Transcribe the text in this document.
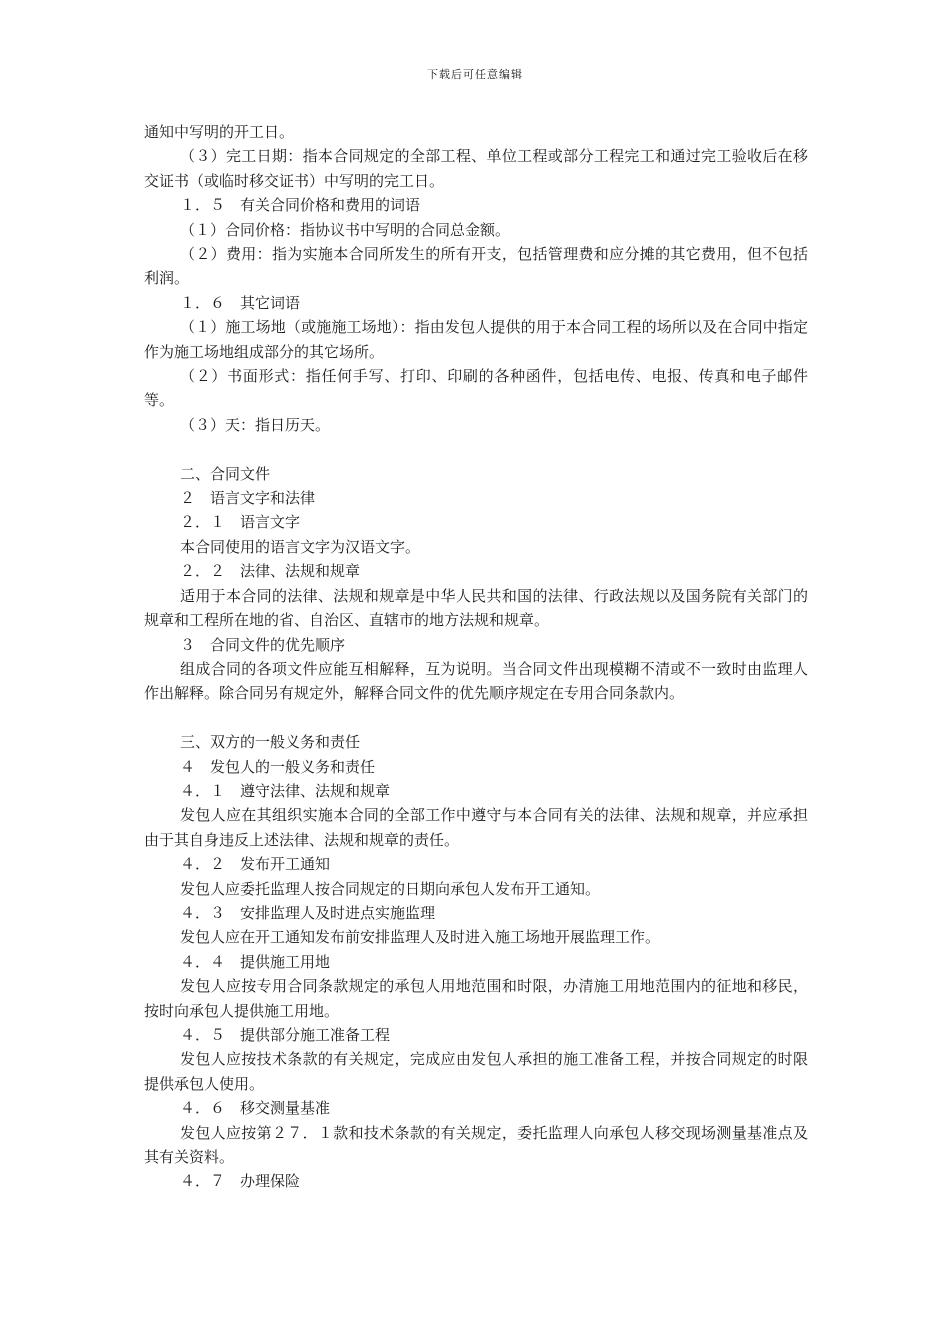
下载后可任意编辑

通知中写明的开工日。

（３）完工日期：指本合同规定的全部工程、单位工程或部分工程完工和通过完工验收后在移交证书（或临时移交证书）中写明的完工日。

１．５　有关合同价格和费用的词语

（１）合同价格：指协议书中写明的合同总金额。

（２）费用：指为实施本合同所发生的所有开支，包括管理费和应分摊的其它费用，但不包括利润。

１．６　其它词语

（１）施工场地（或施施工场地）：指由发包人提供的用于本合同工程的场所以及在合同中指定作为施工场地组成部分的其它场所。

（２）书面形式：指任何手写、打印、印刷的各种函件，包括电传、电报、传真和电子邮件等。

（３）天：指日历天。

二、合同文件

２　语言文字和法律

２．１　语言文字

本合同使用的语言文字为汉语文字。

２．２　法律、法规和规章

适用于本合同的法律、法规和规章是中华人民共和国的法律、行政法规以及国务院有关部门的规章和工程所在地的省、自治区、直辖市的地方法规和规章。

３　合同文件的优先顺序

组成合同的各项文件应能互相解释，互为说明。当合同文件出现模糊不清或不一致时由监理人作出解释。除合同另有规定外，解释合同文件的优先顺序规定在专用合同条款内。

三、双方的一般义务和责任

４　发包人的一般义务和责任

４．１　遵守法律、法规和规章

发包人应在其组织实施本合同的全部工作中遵守与本合同有关的法律、法规和规章，并应承担由于其自身违反上述法律、法规和规章的责任。

４．２　发布开工通知

发包人应委托监理人按合同规定的日期向承包人发布开工通知。

４．３　安排监理人及时进点实施监理

发包人应在开工通知发布前安排监理人及时进入施工场地开展监理工作。

４．４　提供施工用地

发包人应按专用合同条款规定的承包人用地范围和时限，办清施工用地范围内的征地和移民，按时向承包人提供施工用地。

４．５　提供部分施工准备工程

发包人应按技术条款的有关规定，完成应由发包人承担的施工准备工程，并按合同规定的时限提供承包人使用。

４．６　移交测量基准

发包人应按第２７．１款和技术条款的有关规定，委托监理人向承包人移交现场测量基准点及其有关资料。

４．７　办理保险
